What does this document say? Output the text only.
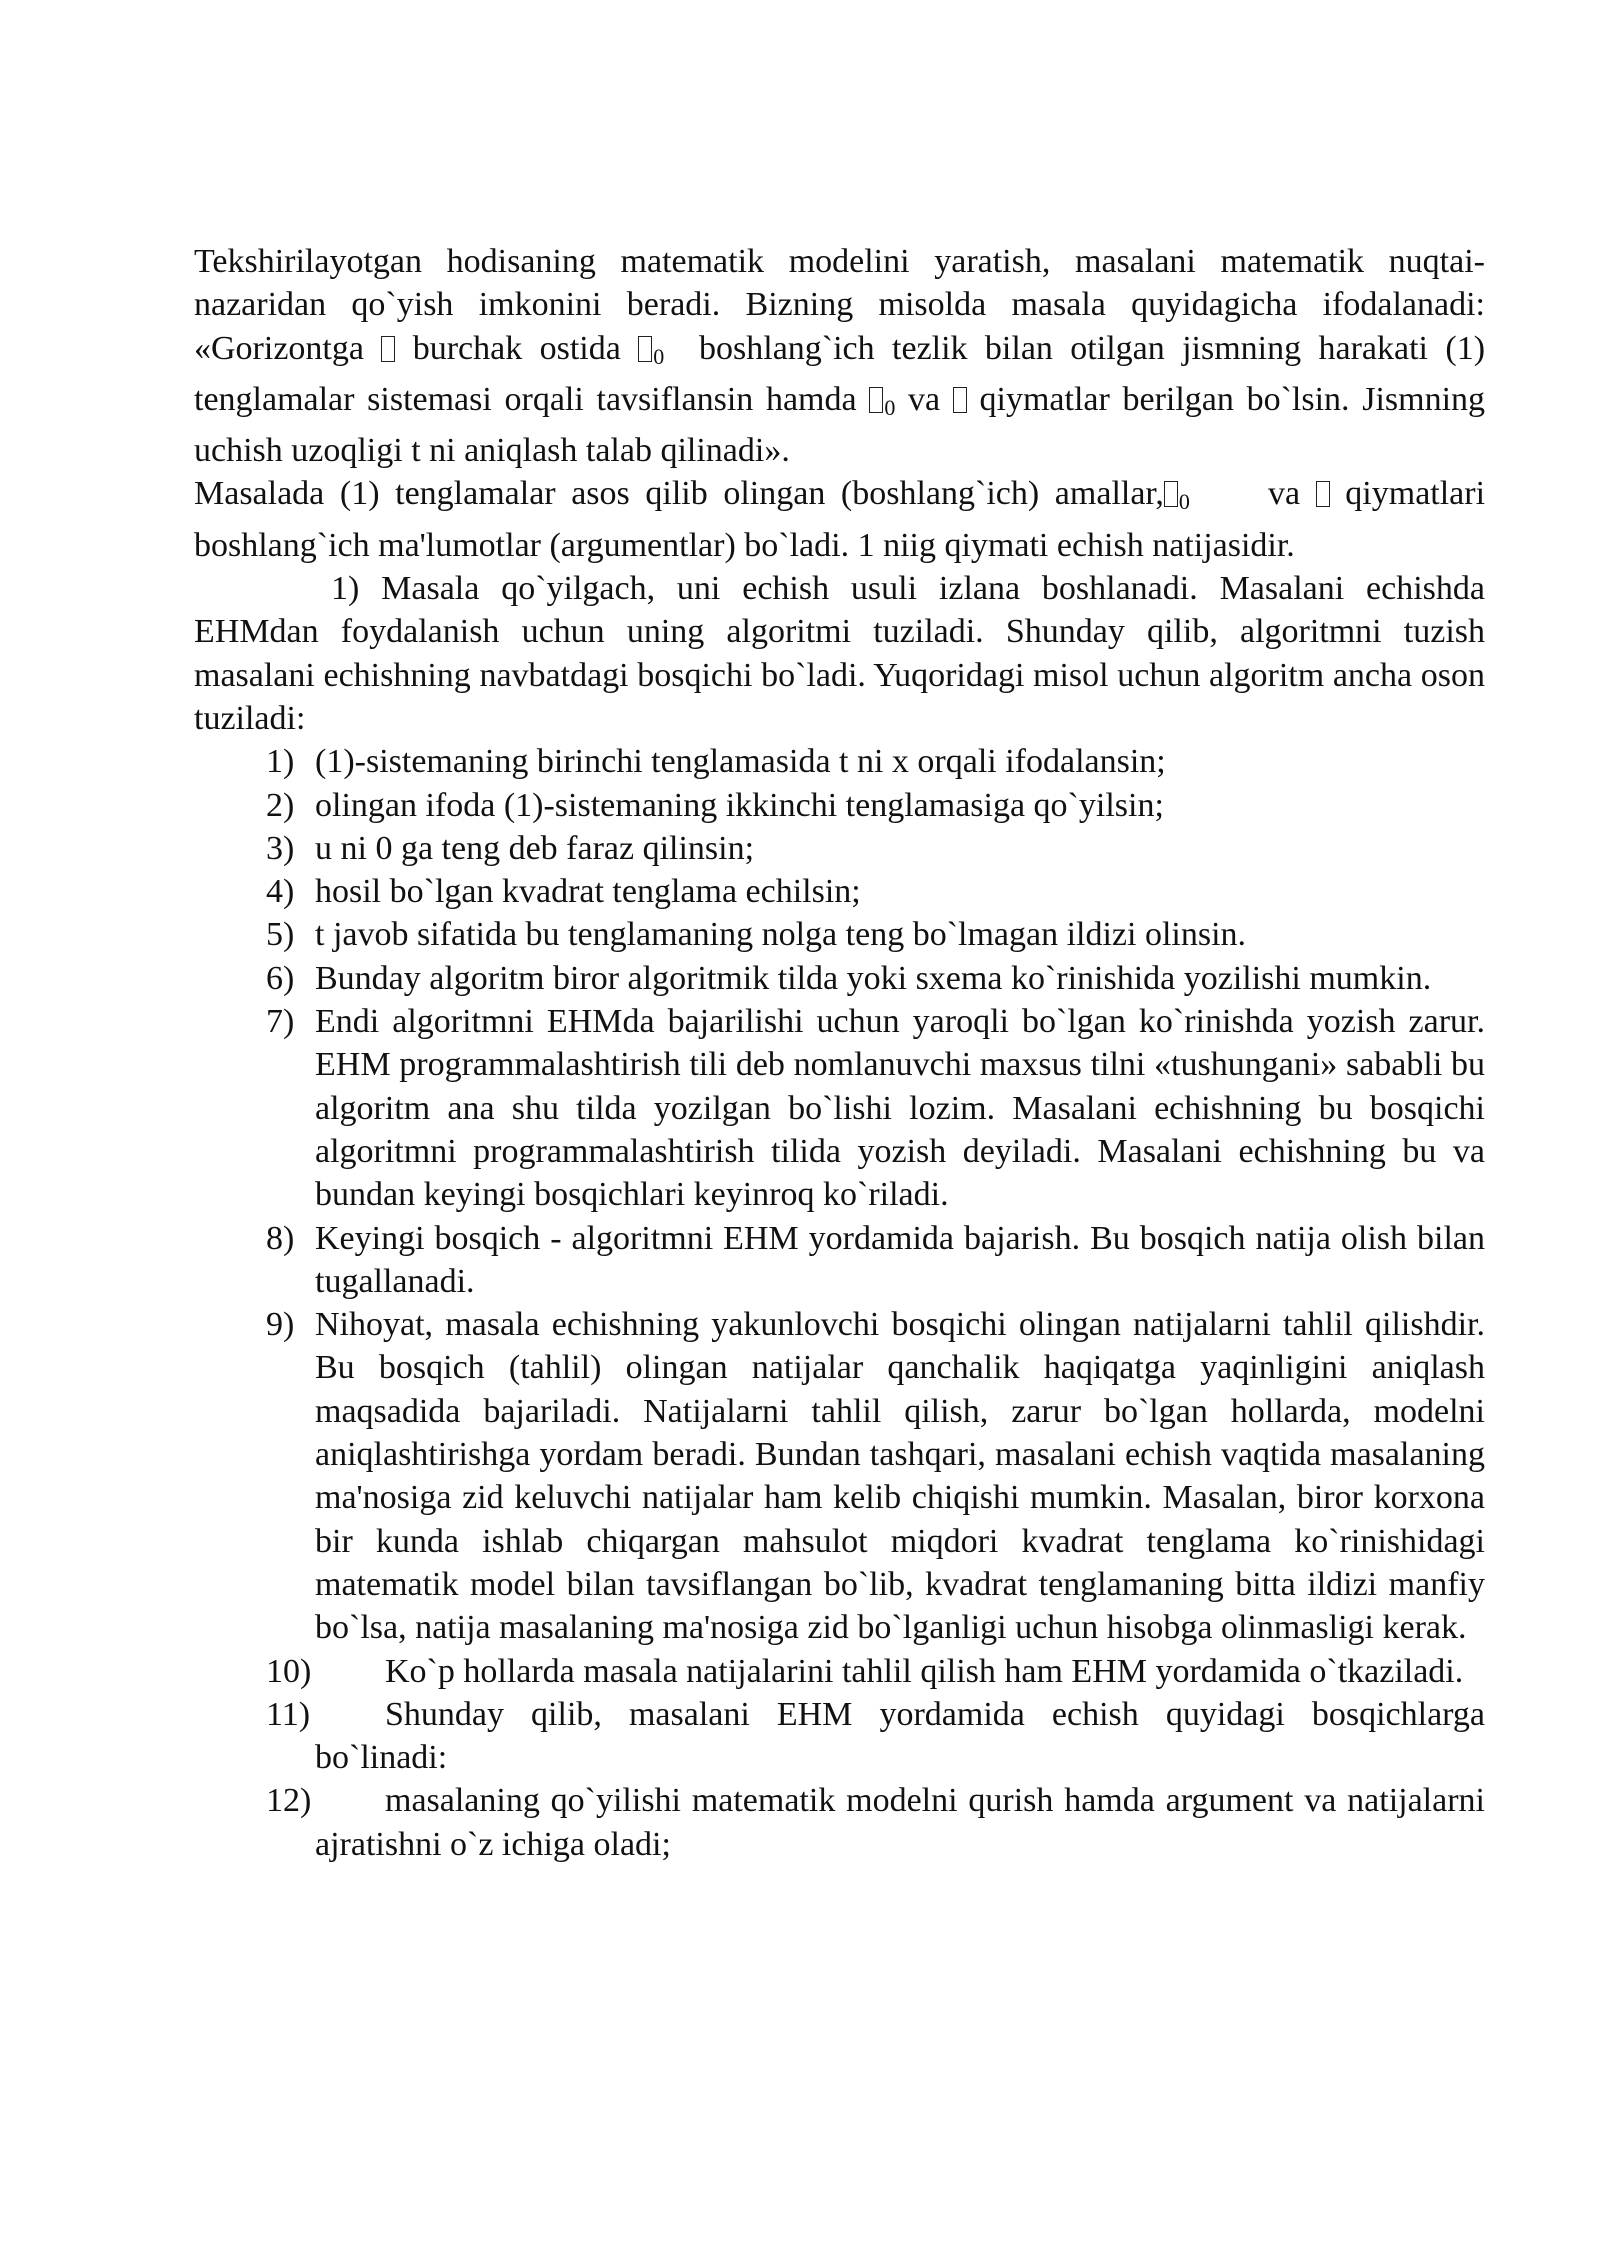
Tekshirilayotgan hodisaning matematik modelini yaratish, masalani matematik nuqtai-nazaridan qo`yish imkonini beradi. Bizning misolda masala quyidagicha ifodalanadi: «Gorizontga burchak ostida $_0$ boshlang`ich tezlik bilan otilgan jismning harakati (1) tenglamalar sistemasi orqali tavsiflansin hamda $_0$ va qiymatlar berilgan bo`lsin. Jismning uchish uzoqligi t ni aniqlash talab qilinadi».

Masalada (1) tenglamalar asos qilib olingan (boshlang`ich) amallar, $_0$ va qiymatlari boshlang`ich ma'lumotlar (argumentlar) bo`ladi. 1 niig qiymati echish natijasidir.

1) Masala qo`yilgach, uni echish usuli izlana boshlanadi. Masalani echishda EHMdan foydalanish uchun uning algoritmi tuziladi. Shunday qilib, algoritmni tuzish masalani echishning navbatdagi bosqichi bo`ladi. Yuqoridagi misol uchun algoritm ancha oson tuziladi:

1) (1)-sistemaning birinchi tenglamasida t ni x orqali ifodalansin;
2) olingan ifoda (1)-sistemaning ikkinchi tenglamasiga qo`yilsin;
3) u ni 0 ga teng deb faraz qilinsin;
4) hosil bo`lgan kvadrat tenglama echilsin;
5) t javob sifatida bu tenglamaning nolga teng bo`lmagan ildizi olinsin.
6) Bunday algoritm biror algoritmik tilda yoki sxema ko`rinishida yozilishi mumkin.
7) Endi algoritmni EHMda bajarilishi uchun yaroqli bo`lgan ko`rinishda yozish zarur. EHM programmalashtirish tili deb nomlanuvchi maxsus tilni «tushungani» sababli bu algoritm ana shu tilda yozilgan bo`lishi lozim. Masalani echishning bu bosqichi algoritmni programmalashtirish tilida yozish deyiladi. Masalani echishning bu va bundan keyingi bosqichlari keyinroq ko`riladi.
8) Keyingi bosqich - algoritmni EHM yordamida bajarish. Bu bosqich natija olish bilan tugallanadi.
9) Nihoyat, masala echishning yakunlovchi bosqichi olingan natijalarni tahlil qilishdir. Bu bosqich (tahlil) olingan natijalar qanchalik haqiqatga yaqinligini aniqlash maqsadida bajariladi. Natijalarni tahlil qilish, zarur bo`lgan hollarda, modelni aniqlashtirishga yordam beradi. Bundan tashqari, masalani echish vaqtida masalaning ma'nosiga zid keluvchi natijalar ham kelib chiqishi mumkin. Masalan, biror korxona bir kunda ishlab chiqargan mahsulot miqdori kvadrat tenglama ko`rinishidagi matematik model bilan tavsiflangan bo`lib, kvadrat tenglamaning bitta ildizi manfiy bo`lsa, natija masalaning ma'nosiga zid bo`lganligi uchun hisobga olinmasligi kerak.
10) Ko`p hollarda masala natijalarini tahlil qilish ham EHM yordamida o`tkaziladi.
11) Shunday qilib, masalani EHM yordamida echish quyidagi bosqichlarga bo`linadi:
12) masalaning qo`yilishi matematik modelni qurish hamda argument va natijalarni ajratishni o`z ichiga oladi;
